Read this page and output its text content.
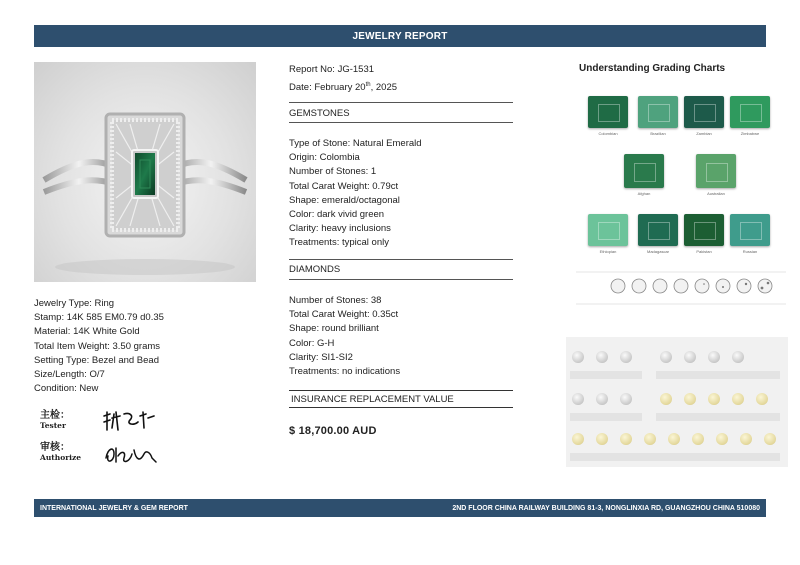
JEWELRY REPORT
Jewelry Type: Ring
Stamp: 14K 585 EM0.79 d0.35
Material: 14K White Gold
Total Item Weight: 3.50 grams
Setting Type: Bezel and Bead
Size/Length: O/7
Condition: New
主检：
Tester
审核：
Authorize
Report No: JG-1531
Date: February 20th, 2025
GEMSTONES
Type of Stone: Natural Emerald
Origin: Colombia
Number of Stones: 1
Total Carat Weight: 0.79ct
Shape: emerald/octagonal
Color: dark vivid green
Clarity: heavy inclusions
Treatments: typical only
DIAMONDS
Number of Stones: 38
Total Carat Weight: 0.35ct
Shape: round brilliant
Color: G-H
Clarity: SI1-SI2
Treatments: no indications
INSURANCE REPLACEMENT VALUE
$ 18,700.00 AUD
Understanding Grading Charts
Colombian	Brazilian	Zambian	Zimbabwe
Afghan	Australian
Ethiopian	Madagascar	Pakistan	Russian
INTERNATIONAL JEWELRY & GEM REPORT	2ND FLOOR CHINA RAILWAY BUILDING 81-3, NONGLINXIA RD, GUANGZHOU CHINA 510080
